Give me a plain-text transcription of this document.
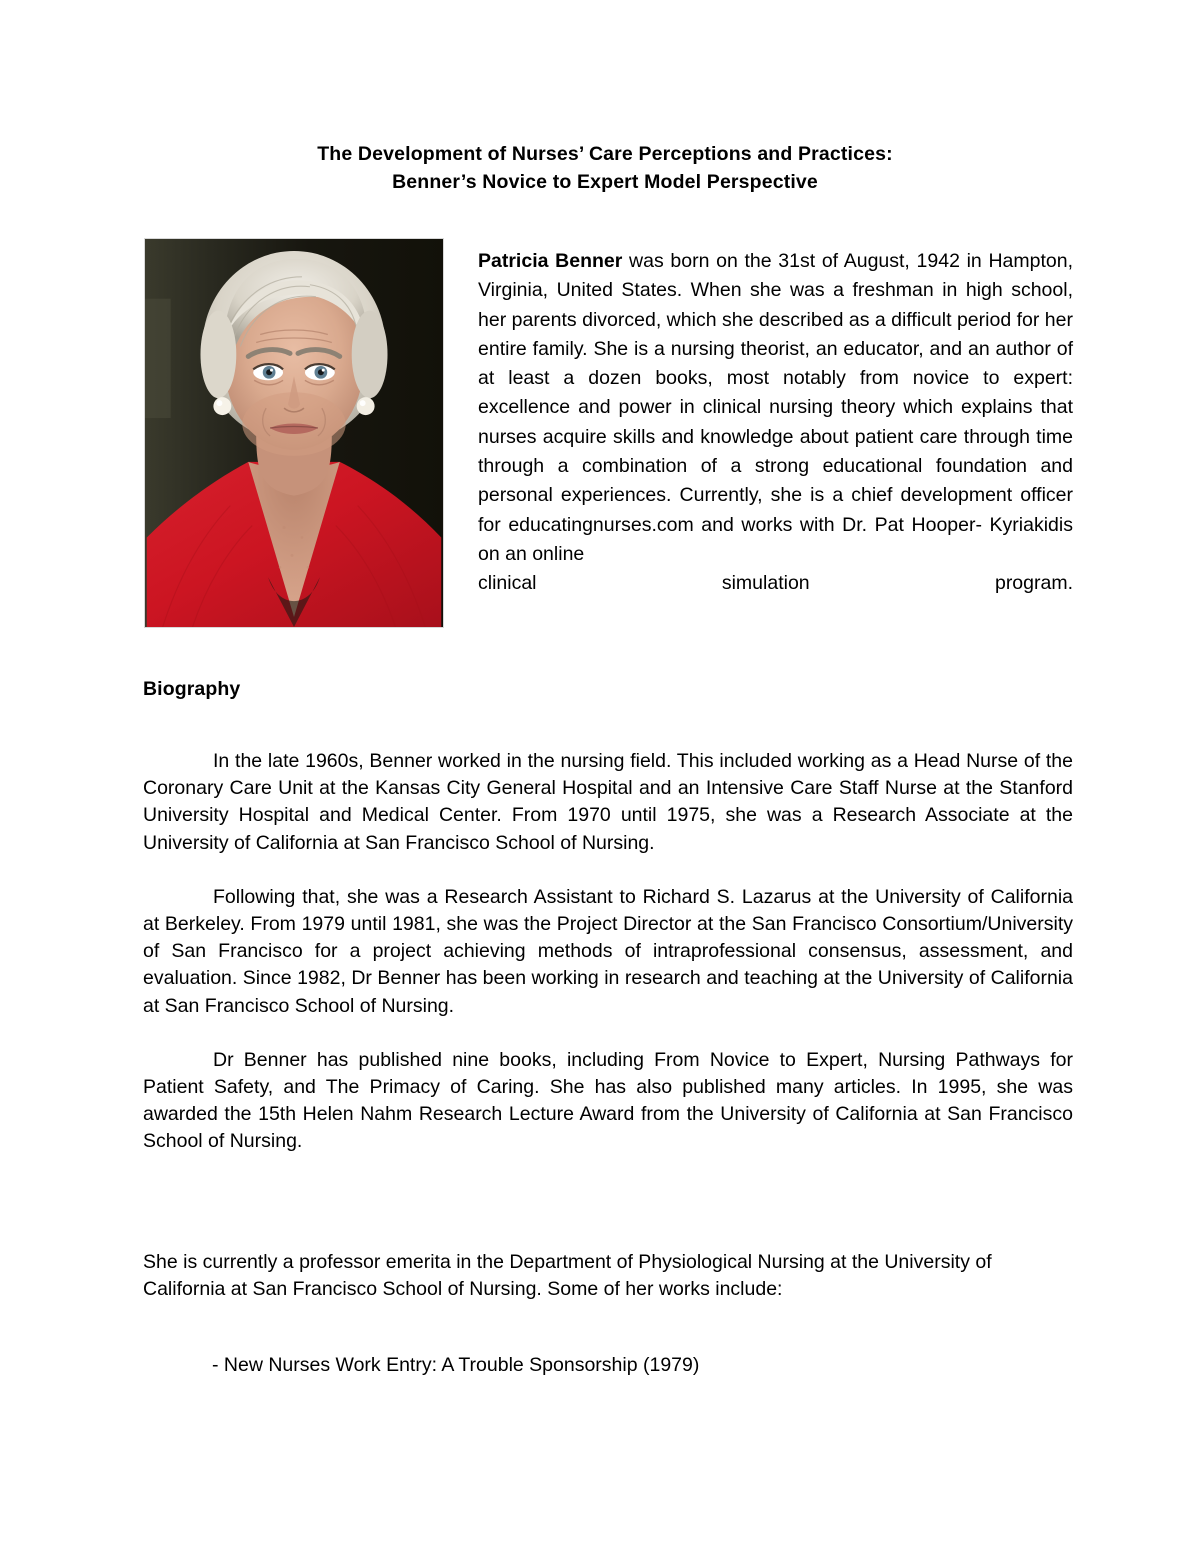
The Development of Nurses’ Care Perceptions and Practices:
Benner’s Novice to Expert Model Perspective
Patricia Benner was born on the 31st of August, 1942 in Hampton, Virginia, United States. When she was a freshman in high school, her parents divorced, which she described as a difficult period for her entire family. She is a nursing theorist, an educator, and an author of at least a dozen books, most notably from novice to expert: excellence and power in clinical nursing theory which explains that nurses acquire skills and knowledge about patient care through time through a combination of a strong educational foundation and personal experiences. Currently, she is a chief development officer for educatingnurses.com and works with Dr. Pat Hooper- Kyriakidis on an online
clinical simulation program.
Biography

In the late 1960s, Benner worked in the nursing field. This included working as a Head Nurse of the Coronary Care Unit at the Kansas City General Hospital and an Intensive Care Staff Nurse at the Stanford University Hospital and Medical Center. From 1970 until 1975, she was a Research Associate at the University of California at San Francisco School of Nursing.

Following that, she was a Research Assistant to Richard S. Lazarus at the University of California at Berkeley. From 1979 until 1981, she was the Project Director at the San Francisco Consortium/University of San Francisco for a project achieving methods of intraprofessional consensus, assessment, and evaluation. Since 1982, Dr Benner has been working in research and teaching at the University of California at San Francisco School of Nursing.

Dr Benner has published nine books, including From Novice to Expert, Nursing Pathways for Patient Safety, and The Primacy of Caring. She has also published many articles. In 1995, she was awarded the 15th Helen Nahm Research Lecture Award from the University of California at San Francisco School of Nursing.

She is currently a professor emerita in the Department of Physiological Nursing at the University of California at San Francisco School of Nursing. Some of her works include:
- New Nurses Work Entry: A Trouble Sponsorship (1979)
